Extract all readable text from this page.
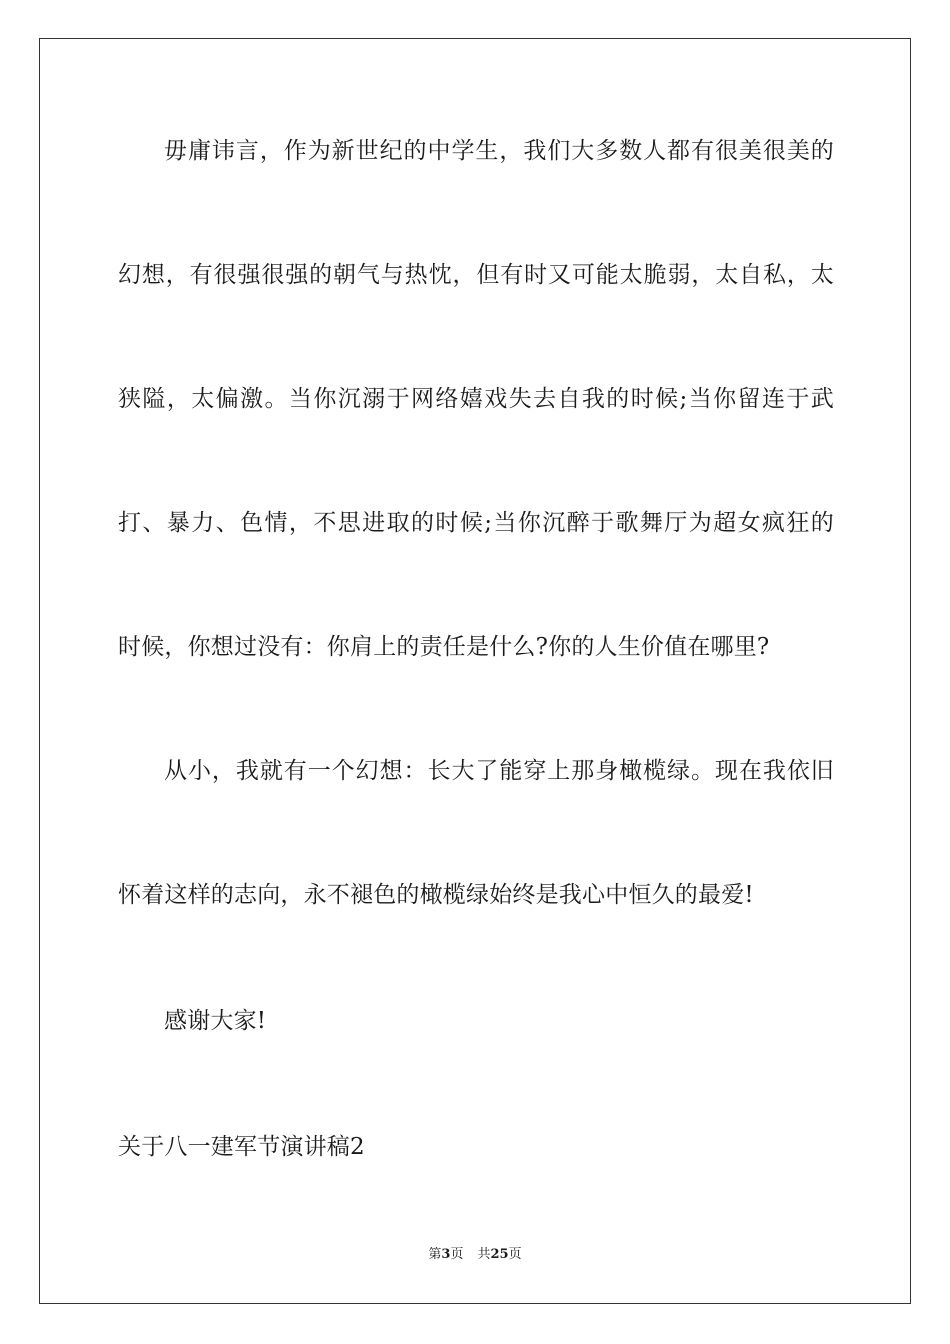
毋庸讳言，作为新世纪的中学生，我们大多数人都有很美很美的
幻想，有很强很强的朝气与热忱，但有时又可能太脆弱，太自私，太
狭隘，太偏激。当你沉溺于网络嬉戏失去自我的时候;当你留连于武
打、暴力、色情，不思进取的时候;当你沉醉于歌舞厅为超女疯狂的
时候，你想过没有：你肩上的责任是什么?你的人生价值在哪里?
从小，我就有一个幻想：长大了能穿上那身橄榄绿。现在我依旧
怀着这样的志向，永不褪色的橄榄绿始终是我心中恒久的最爱!
感谢大家!
关于八一建军节演讲稿2
第3页 共25页
